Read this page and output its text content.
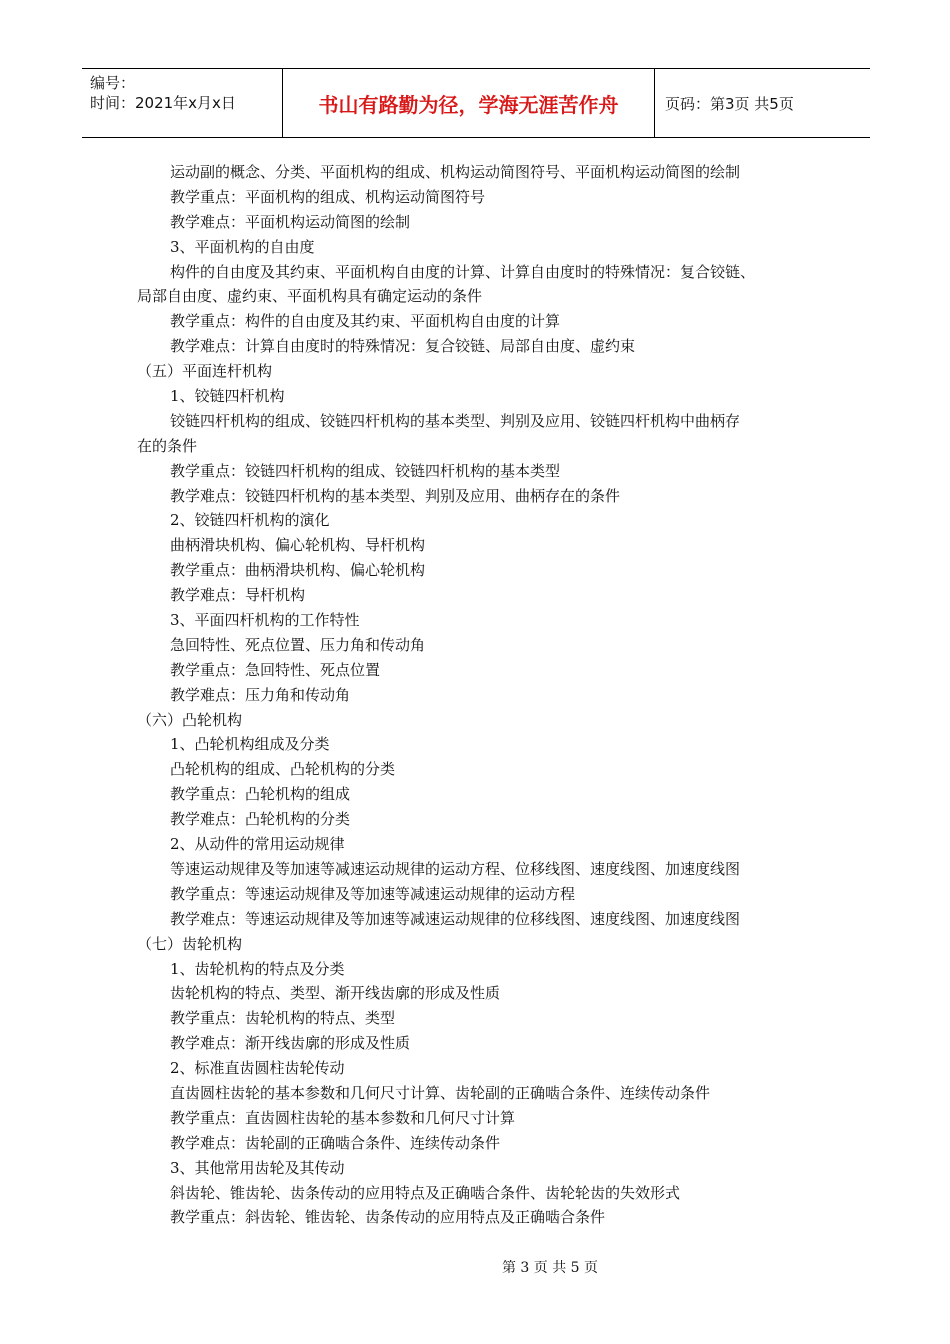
编号：
时间：2021年x月x日	书山有路勤为径，学海无涯苦作舟	页码：第3页 共5页
运动副的概念、分类、平面机构的组成、机构运动简图符号、平面机构运动简图的绘制
教学重点：平面机构的组成、机构运动简图符号
教学难点：平面机构运动简图的绘制
3、平面机构的自由度
构件的自由度及其约束、平面机构自由度的计算、计算自由度时的特殊情况：复合铰链、
局部自由度、虚约束、平面机构具有确定运动的条件
教学重点：构件的自由度及其约束、平面机构自由度的计算
教学难点：计算自由度时的特殊情况：复合铰链、局部自由度、虚约束
（五）平面连杆机构
1、铰链四杆机构
铰链四杆机构的组成、铰链四杆机构的基本类型、判别及应用、铰链四杆机构中曲柄存
在的条件
教学重点：铰链四杆机构的组成、铰链四杆机构的基本类型
教学难点：铰链四杆机构的基本类型、判别及应用、曲柄存在的条件
2、铰链四杆机构的演化
曲柄滑块机构、偏心轮机构、导杆机构
教学重点：曲柄滑块机构、偏心轮机构
教学难点：导杆机构
3、平面四杆机构的工作特性
急回特性、死点位置、压力角和传动角
教学重点：急回特性、死点位置
教学难点：压力角和传动角
（六）凸轮机构
1、凸轮机构组成及分类
凸轮机构的组成、凸轮机构的分类
教学重点：凸轮机构的组成
教学难点：凸轮机构的分类
2、从动件的常用运动规律
等速运动规律及等加速等减速运动规律的运动方程、位移线图、速度线图、加速度线图
教学重点：等速运动规律及等加速等减速运动规律的运动方程
教学难点：等速运动规律及等加速等减速运动规律的位移线图、速度线图、加速度线图
（七）齿轮机构
1、齿轮机构的特点及分类
齿轮机构的特点、类型、渐开线齿廓的形成及性质
教学重点：齿轮机构的特点、类型
教学难点：渐开线齿廓的形成及性质
2、标准直齿圆柱齿轮传动
直齿圆柱齿轮的基本参数和几何尺寸计算、齿轮副的正确啮合条件、连续传动条件
教学重点：直齿圆柱齿轮的基本参数和几何尺寸计算
教学难点：齿轮副的正确啮合条件、连续传动条件
3、其他常用齿轮及其传动
斜齿轮、锥齿轮、齿条传动的应用特点及正确啮合条件、齿轮轮齿的失效形式
教学重点：斜齿轮、锥齿轮、齿条传动的应用特点及正确啮合条件
第 3 页 共 5 页
